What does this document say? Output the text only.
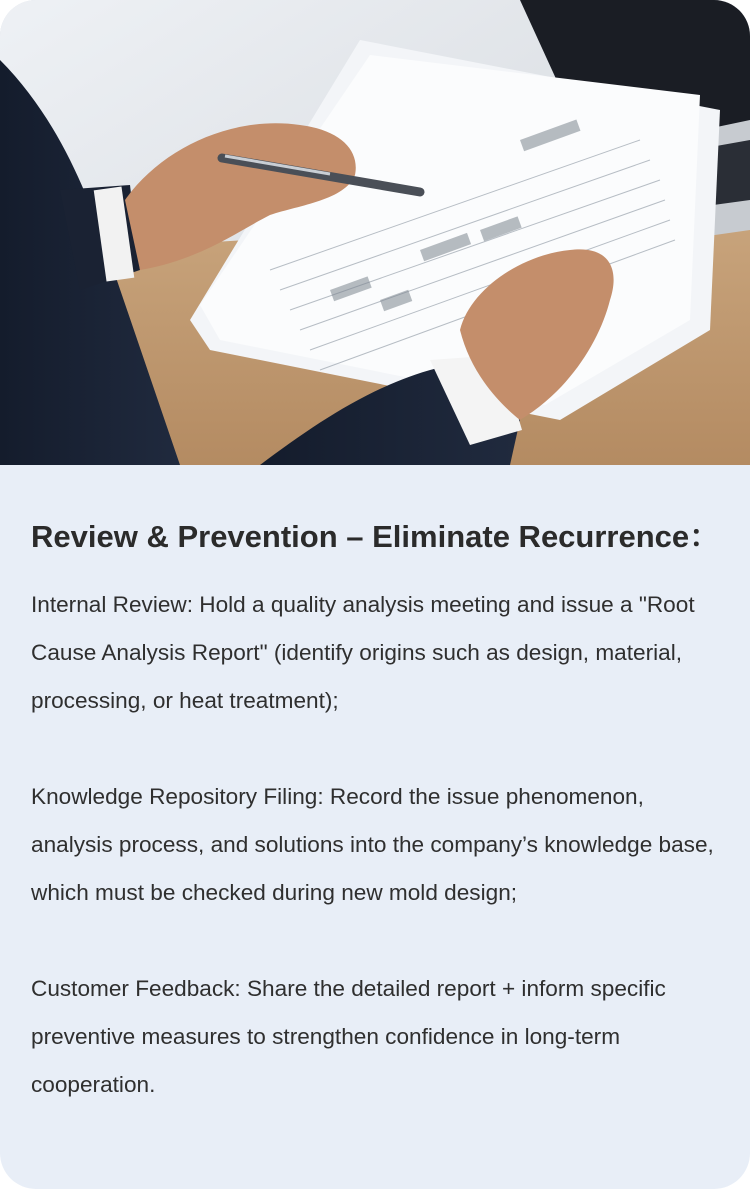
Review & Prevention – Eliminate Recurrence：

Internal Review: Hold a quality analysis meeting and issue a "Root Cause Analysis Report" (identify origins such as design, material, processing, or heat treatment);

Knowledge Repository Filing: Record the issue phenomenon, analysis process, and solutions into the company’s knowledge base, which must be checked during new mold design;

Customer Feedback: Share the detailed report + inform specific preventive measures to strengthen confidence in long-term cooperation.
